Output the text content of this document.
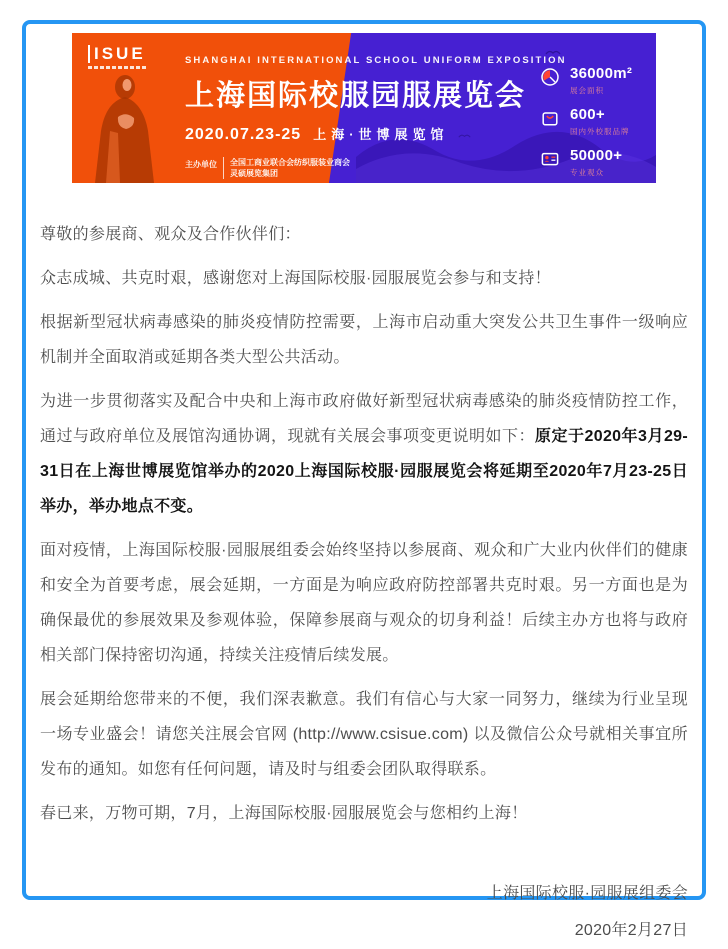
ISUE	SHANGHAI INTERNATIONAL SCHOOL UNIFORM EXPOSITION
上海国际校服园服展览会
2020.07.23-25 上海·世博展览馆
主办单位 全国工商业联合会纺织服装业商会
灵硕展览集团
36000m²
展会面积
600+
国内外校服品牌
50000+
专业观众

尊敬的参展商、观众及合作伙伴们：

众志成城、共克时艰，感谢您对上海国际校服·园服展览会参与和支持！

根据新型冠状病毒感染的肺炎疫情防控需要，上海市启动重大突发公共卫生事件一级响应机制并全面取消或延期各类大型公共活动。

为进一步贯彻落实及配合中央和上海市政府做好新型冠状病毒感染的肺炎疫情防控工作，通过与政府单位及展馆沟通协调，现就有关展会事项变更说明如下：原定于2020年3月29-31日在上海世博展览馆举办的2020上海国际校服·园服展览会将延期至2020年7月23-25日举办，举办地点不变。

面对疫情，上海国际校服·园服展组委会始终坚持以参展商、观众和广大业内伙伴们的健康和安全为首要考虑，展会延期，一方面是为响应政府防控部署共克时艰。另一方面也是为确保最优的参展效果及参观体验，保障参展商与观众的切身利益！后续主办方也将与政府相关部门保持密切沟通，持续关注疫情后续发展。

展会延期给您带来的不便，我们深表歉意。我们有信心与大家一同努力，继续为行业呈现一场专业盛会！请您关注展会官网 (http://www.csisue.com) 以及微信公众号就相关事宜所发布的通知。如您有任何问题，请及时与组委会团队取得联系。

春已来，万物可期，7月，上海国际校服·园服展览会与您相约上海！

上海国际校服·园服展组委会
2020年2月27日
